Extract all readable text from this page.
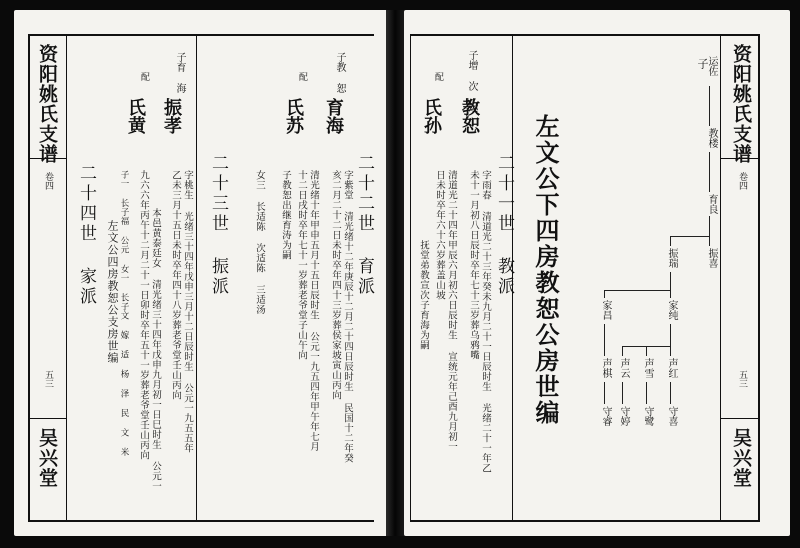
资阳姚氏支谱
卷四
五三
吴兴堂
二十四世 家派 左文公四房教恕公支房世编
配	子育 海
氏黄 振孝
二十三世 振派
字桃生 光绪三十四年戊申三月十二日辰时生 公元一九五五年
乙未三月十五日未时卒年四十八岁葬老爷堂壬山丙向
本邑黄泰廷女 清光绪三十四年戊申九月初一日巳时生 公元一
九六六年丙午十二月二十一日卯时卒年五十一岁葬老爷堂壬山丙向
子一 长子福 公元 女一 长子文 嫁 适 杨 泽 民 文 米
配	子教 恕
氏苏 育海
二十二世 育派
字紫堂 清光绪十二年庚辰十二月二十四日辰时生 民国十二年癸
亥二月二十二日未时卒年四十三岁葬侯家坡寅山丙向
清光绪十年甲申五月十五日辰时生 公元一九五四年甲午年七月
十二日戌时卒年七十一岁葬老爷堂子山午向
女三 长适陈 次适陈 三适汤 子教恕出继育涛为嗣
资阳姚氏支谱
卷四
五三
吴兴堂
配 子增 次 运
氏孙 教恕
二十一世 教派
字雨春 清道光二十三年癸未九月二十一日辰时生 光绪二十一年乙
未十一月初八日辰时卒年七十三岁葬乌鸦嘴
清道光二十四年甲辰六月初六日辰时生 宣统元年己酉九月初一
日未时卒年六十六岁葬盖山坡
抚堂弟教宣次子育海为嗣	左文公下四房教恕公房世编
子
运佐
教楼
育良
振瑞	振喜
家昌	家纯
声棋 声云 声雪 声红
守睿 守婷 守鹭 守喜
